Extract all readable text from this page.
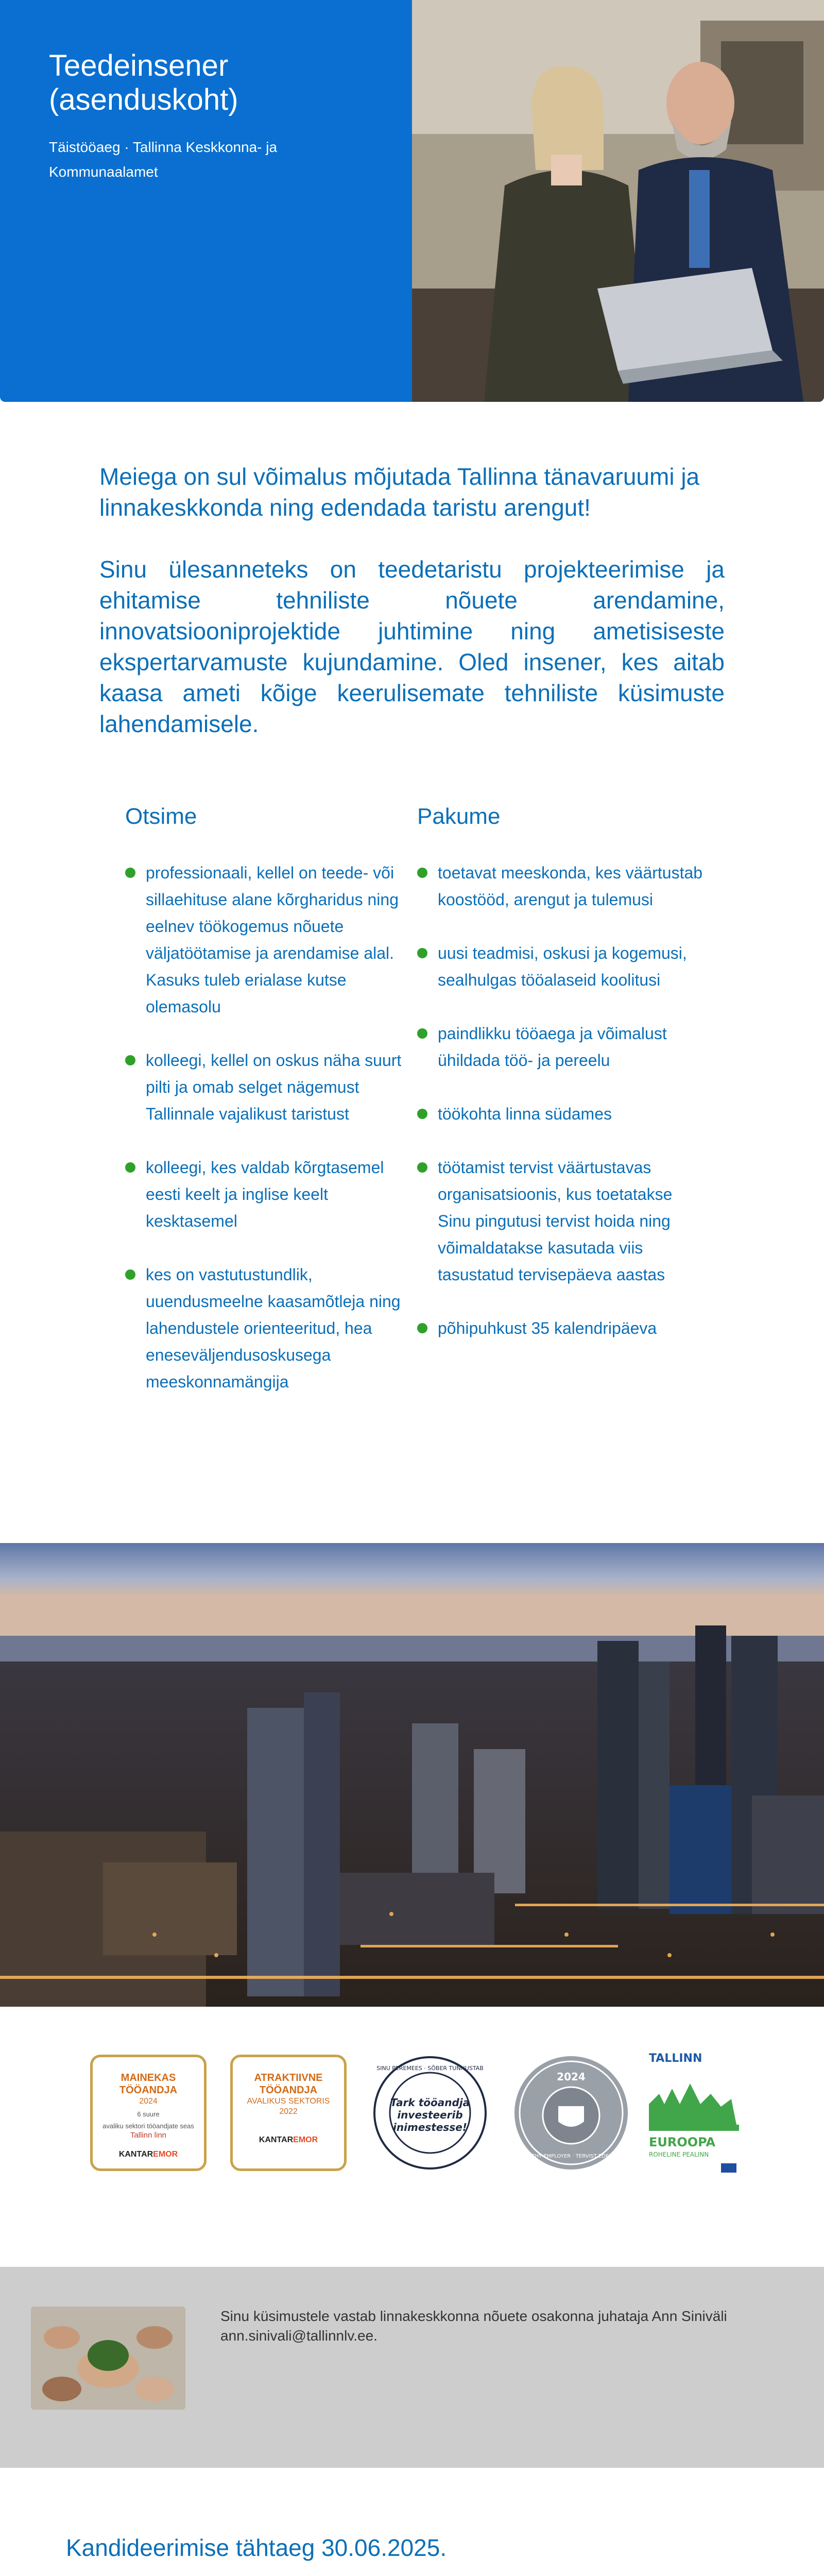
Teedeinsener (asenduskoht)
Täistööaeg · Tallinna Keskkonna- ja Kommunaalamet

Meiega on sul võimalus mõjutada Tallinna tänavaruumi ja linnakeskkonda ning edendada taristu arengut!

Sinu ülesanneteks on teedetaristu projekteerimise ja ehitamise tehniliste nõuete arendamine, innovatsiooniprojektide juhtimine ning ametisiseste ekspertarvamuste kujundamine. Oled insener, kes aitab kaasa ameti kõige keerulisemate tehniliste küsimuste lahendamisele.

Otsime
professionaali, kellel on teede- või sillaehituse alane kõrgharidus ning eelnev töökogemus nõuete väljatöötamise ja arendamise alal. Kasuks tuleb erialase kutse olemasolu
kolleegi, kellel on oskus näha suurt pilti ja omab selget nägemust Tallinnale vajalikust taristust
kolleegi, kes valdab kõrgtasemel eesti keelt ja inglise keelt kesktasemel
kes on vastutustundlik, uuendusmeelne kaasamõtleja ning lahendustele orienteeritud, hea eneseväljendusoskusega meeskonnamängija
Pakume
toetavat meeskonda, kes väärtustab koostööd, arengut ja tulemusi
uusi teadmisi, oskusi ja kogemusi, sealhulgas tööalaseid koolitusi
paindlikku tööaega ja võimalust ühildada töö- ja pereelu
töökohta linna südames
töötamist tervist väärtustavas organisatsioonis, kus toetatakse Sinu pingutusi tervist hoida ning võimaldatakse kasutada viis tasustatud tervisepäeva aastas
põhipuhkust 35 kalendripäeva
MAINEKAS
TÖÖANDJA
2024
6 suure
avaliku sektori tööandjate seas
Tallinn linn
KANTAREMOR
ATRAKTIIVNE
TÖÖANDJA
AVALIKUS SEKTORIS
2022
KANTAREMOR
SINU PEREMEES · SÕBER TUNNUSTAB
Tark tööandja
investeerib
inimestesse!
2024
HEALTHY EMPLOYER · TERVIST EDENDAV
TALLINN
EUROOPA
ROHELINE PEALINN
Sinu küsimustele vastab linnakeskkonna nõuete osakonna juhataja Ann Siniväli ann.sinivali@tallinnlv.ee.
Kandideerimise tähtaeg 30.06.2025.
